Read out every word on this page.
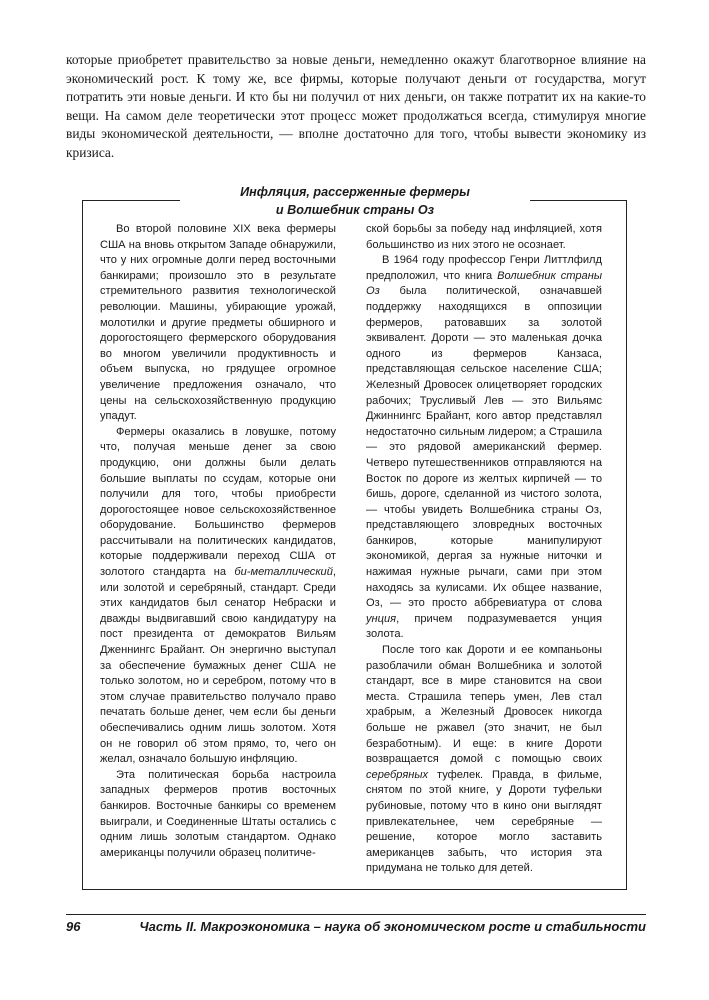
которые приобретет правительство за новые деньги, немедленно окажут благотворное влияние на экономический рост. К тому же, все фирмы, которые получают деньги от государства, могут потратить эти новые деньги. И кто бы ни получил от них деньги, он также потратит их на какие-то вещи. На самом деле теоретически этот процесс может продолжаться всегда, стимулируя многие виды экономической деятельности, — вполне достаточно для того, чтобы вывести экономику из кризиса.

Инфляция, рассерженные фермеры
и Волшебник страны Оз

Во второй половине XIX века фермеры США на вновь открытом Западе обнаружили, что у них огромные долги перед восточными банкирами; произошло это в результате стремительного развития технологической революции. Машины, убирающие урожай, молотилки и другие предметы обширного и дорогостоящего фермерского оборудования во многом увеличили продуктивность и объем выпуска, но грядущее огромное увеличение предложения означало, что цены на сельскохозяйственную продукцию упадут.

Фермеры оказались в ловушке, потому что, получая меньше денег за свою продукцию, они должны были делать большие выплаты по ссудам, которые они получили для того, чтобы приобрести дорогостоящее новое сельскохозяйственное оборудование. Большинство фермеров рассчитывали на политических кандидатов, которые поддерживали переход США от золотого стандарта на би-металлический, или золотой и серебряный, стандарт. Среди этих кандидатов был сенатор Небраски и дважды выдвигавший свою кандидатуру на пост президента от демократов Вильям Дженнингс Брайант. Он энергично выступал за обеспечение бумажных денег США не только золотом, но и серебром, потому что в этом случае правительство получало право печатать больше денег, чем если бы деньги обеспечивались одним лишь золотом. Хотя он не говорил об этом прямо, то, чего он желал, означало большую инфляцию.

Эта политическая борьба настроила западных фермеров против восточных банкиров. Восточные банкиры со временем выиграли, и Соединенные Штаты остались с одним лишь золотым стандартом. Однако американцы получили образец политиче-

ской борьбы за победу над инфляцией, хотя большинство из них этого не осознает.

В 1964 году профессор Генри Литтлфилд предположил, что книга Волшебник страны Оз была политической, означавшей поддержку находящихся в оппозиции фермеров, ратовавших за золотой эквивалент. Дороти — это маленькая дочка одного из фермеров Канзаса, представляющая сельское население США; Железный Дровосек олицетворяет городских рабочих; Трусливый Лев — это Вильямс Джиннингс Брайант, кого автор представлял недостаточно сильным лидером; а Страшила — это рядовой американский фермер. Четверо путешественников отправляются на Восток по дороге из желтых кирпичей — то бишь, дороге, сделанной из чистого золота, — чтобы увидеть Волшебника страны Оз, представляющего зловредных восточных банкиров, которые манипулируют экономикой, дергая за нужные ниточки и нажимая нужные рычаги, сами при этом находясь за кулисами. Их общее название, Оз, — это просто аббревиатура от слова унция, причем подразумевается унция золота.

После того как Дороти и ее компаньоны разоблачили обман Волшебника и золотой стандарт, все в мире становится на свои места. Страшила теперь умен, Лев стал храбрым, а Железный Дровосек никогда больше не ржавел (это значит, не был безработным). И еще: в книге Дороти возвращается домой с помощью своих серебряных туфелек. Правда, в фильме, снятом по этой книге, у Дороти туфельки рубиновые, потому что в кино они выглядят привлекательнее, чем серебряные — решение, которое могло заставить американцев забыть, что история эта придумана не только для детей.

96	Часть II. Макроэкономика – наука об экономическом росте и стабильности
